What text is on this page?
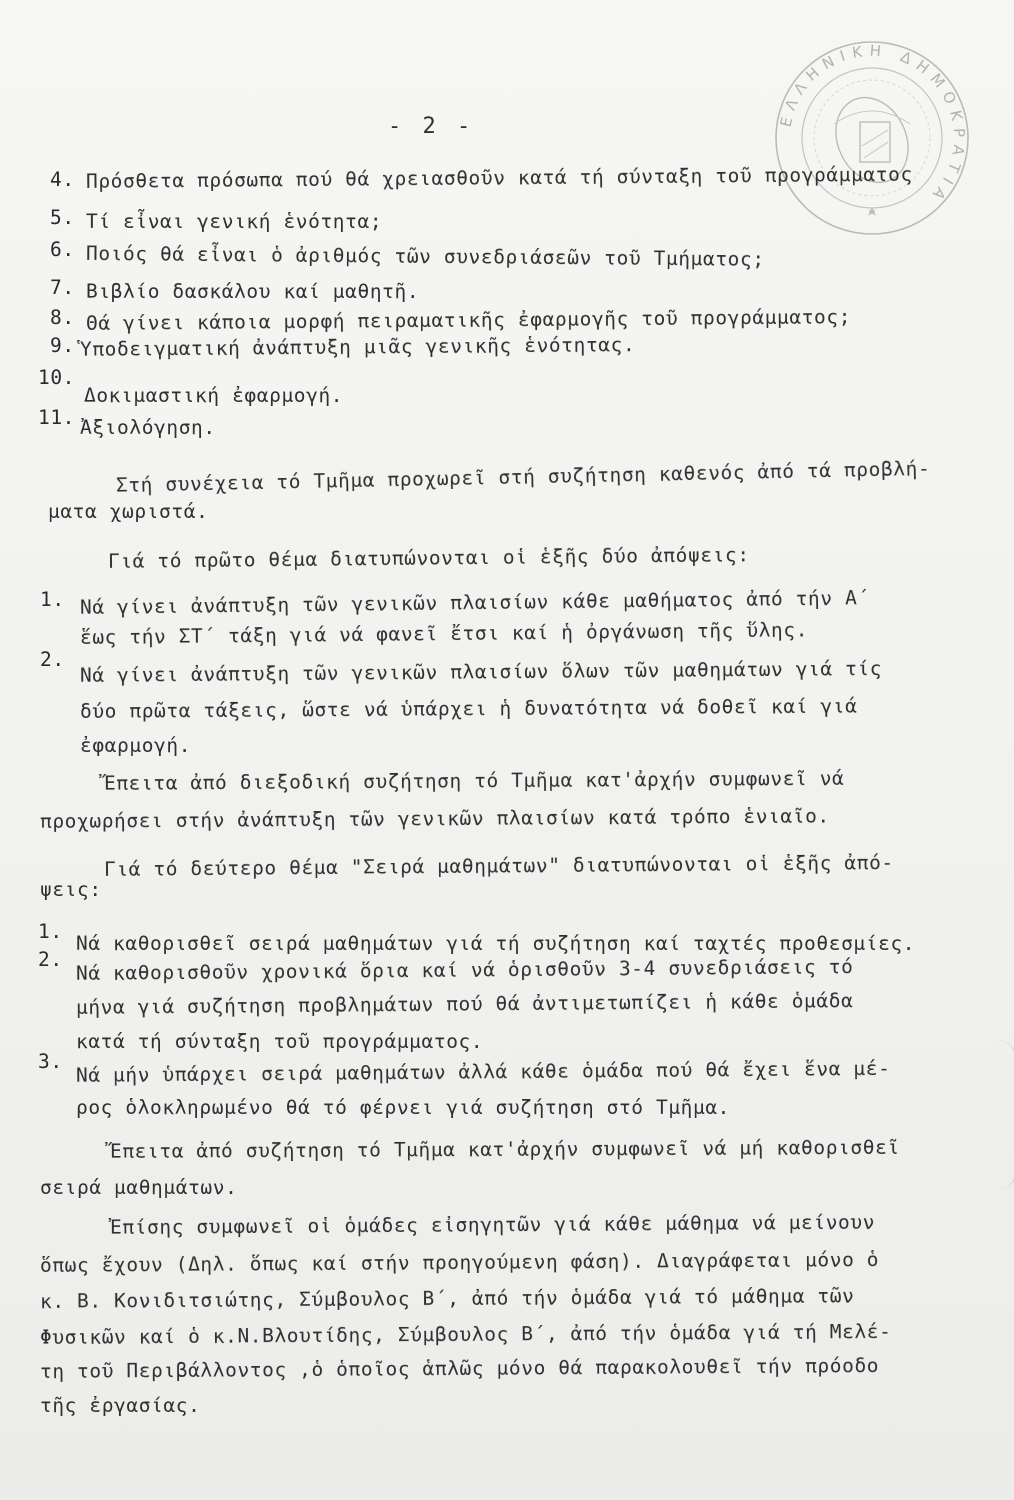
ΕΛΛΗΝΙΚΗ ΔΗΜΟΚΡΑΤΙΑ
- 2 -
4. Πρόσθετα πρόσωπα πού θά χρειασθοῦν κατά τή σύνταξη τοῦ προγράμματος
5. Τί εἶναι γενική ἑνότητα;
6. Ποιός θά εἶναι ὁ ἀριθμός τῶν συνεδριάσεῶν τοῦ Τμήματος;
7. Βιβλίο δασκάλου καί μαθητῆ.
8. Θά γίνει κάποια μορφή πειραματικῆς ἐφαρμογῆς τοῦ προγράμματος;
9. Ὑποδειγματική ἀνάπτυξη μιᾶς γενικῆς ἑνότητας.
10.
Δοκιμαστική ἐφαρμογή.
11. Ἀξιολόγηση.
Στή συνέχεια τό Τμῆμα προχωρεῖ στή συζήτηση καθενός ἀπό τά προβλή-
ματα χωριστά.
Γιά τό πρῶτο θέμα διατυπώνονται οἱ ἑξῆς δύο ἀπόψεις:
1. Νά γίνει ἀνάπτυξη τῶν γενικῶν πλαισίων κάθε μαθήματος ἀπό τήν Α΄
ἕως τήν ΣΤ΄ τάξη γιά νά φανεῖ ἔτσι καί ἡ ὀργάνωση τῆς ὕλης.
2. Νά γίνει ἀνάπτυξη τῶν γενικῶν πλαισίων ὅλων τῶν μαθημάτων γιά τίς
δύο πρῶτα τάξεις, ὥστε νά ὑπάρχει ἡ δυνατότητα νά δοθεῖ καί γιά
ἐφαρμογή.
Ἔπειτα ἀπό διεξοδική συζήτηση τό Τμῆμα κατ'ἀρχήν συμφωνεῖ νά
προχωρήσει στήν ἀνάπτυξη τῶν γενικῶν πλαισίων κατά τρόπο ἑνιαῖο.
Γιά τό δεύτερο θέμα "Σειρά μαθημάτων" διατυπώνονται οἱ ἑξῆς ἀπό-
ψεις:
1.
Νά καθορισθεῖ σειρά μαθημάτων γιά τή συζήτηση καί ταχτές προθεσμίες.
2. Νά καθορισθοῦν χρονικά ὅρια καί νά ὁρισθοῦν 3-4 συνεδριάσεις τό
μήνα γιά συζήτηση προβλημάτων πού θά ἀντιμετωπίζει ἡ κάθε ὁμάδα
κατά τή σύνταξη τοῦ προγράμματος.
3. Νά μήν ὑπάρχει σειρά μαθημάτων ἀλλά κάθε ὁμάδα πού θά ἔχει ἕνα μέ-
ρος ὁλοκληρωμένο θά τό φέρνει γιά συζήτηση στό Τμῆμα.
Ἔπειτα ἀπό συζήτηση τό Τμῆμα κατ'ἀρχήν συμφωνεῖ νά μή καθορισθεῖ
σειρά μαθημάτων.
Ἐπίσης συμφωνεῖ οἱ ὁμάδες εἰσηγητῶν γιά κάθε μάθημα νά μείνουν
ὅπως ἔχουν (Δηλ. ὅπως καί στήν προηγούμενη φάση). Διαγράφεται μόνο ὁ
κ. Β. Κονιδιτσιώτης, Σύμβουλος Β΄, ἀπό τήν ὁμάδα γιά τό μάθημα τῶν
Φυσικῶν καί ὁ κ.Ν.Βλουτίδης, Σύμβουλος Β΄, ἀπό τήν ὁμάδα γιά τή Μελέ-
τη τοῦ Περιβάλλοντος ,ὁ ὁποῖος ἁπλῶς μόνο θά παρακολουθεῖ τήν πρόοδο
τῆς ἐργασίας.
